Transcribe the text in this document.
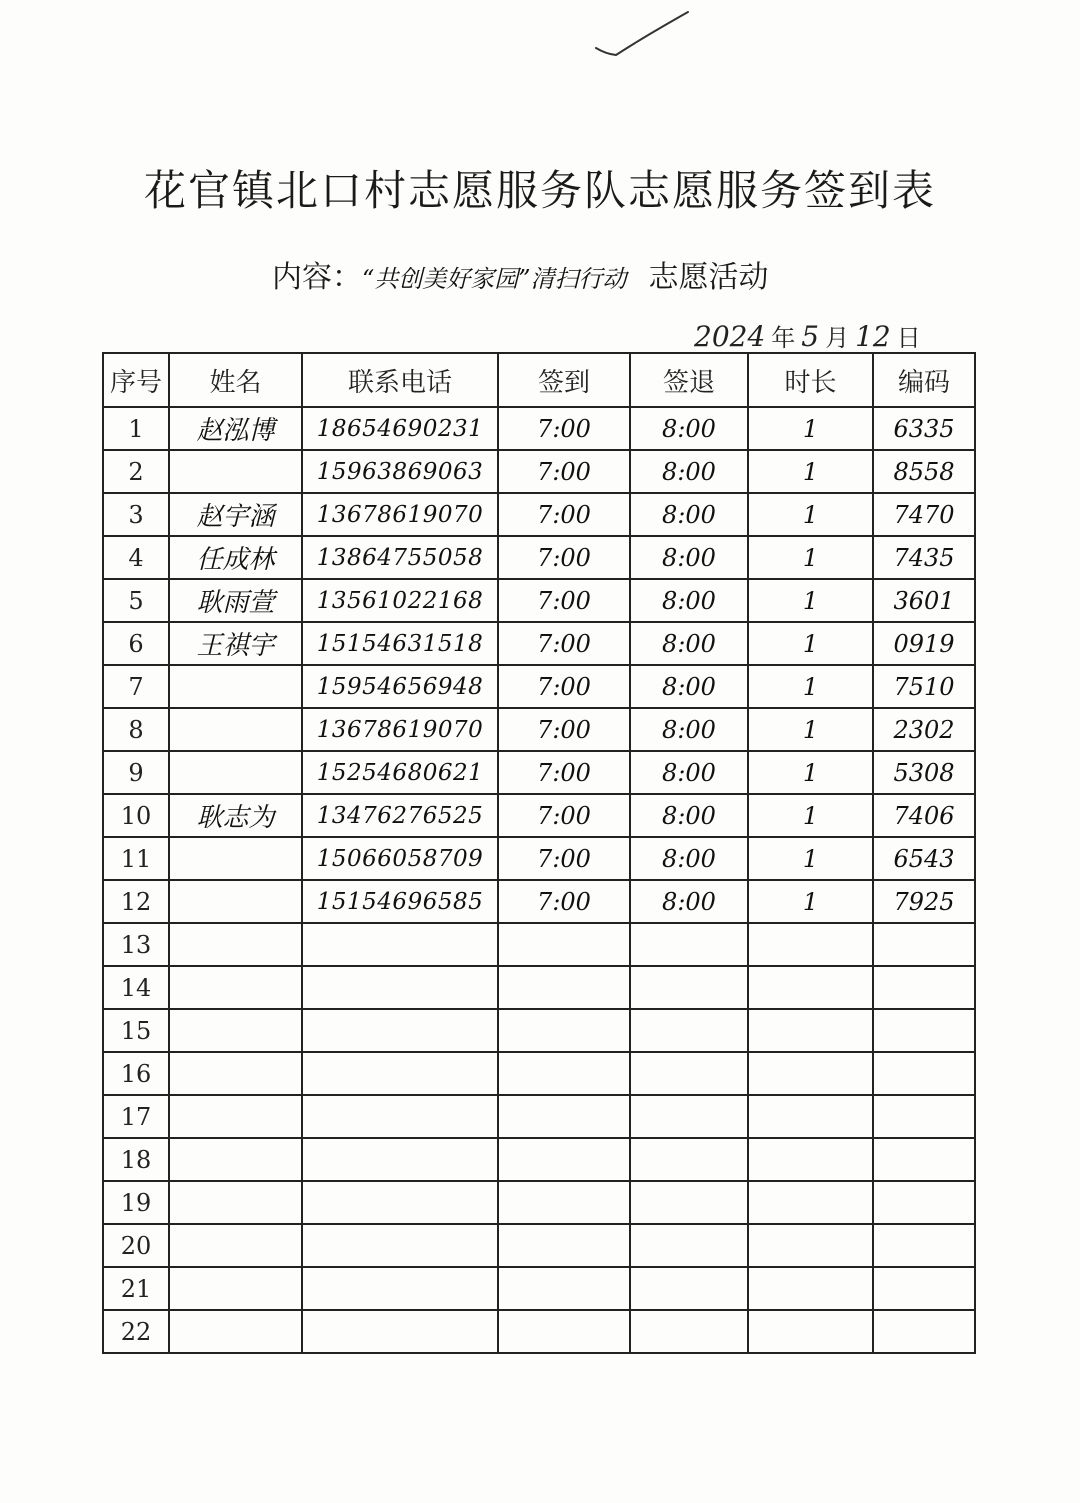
花官镇北口村志愿服务队志愿服务签到表
内容：“共创美好家园”清扫行动 志愿活动
2024 年 5 月 12 日
序号	姓名	联系电话	签到	签退	时长	编码
1	赵泓博	18654690231	7:00	8:00	1	6335
2		15963869063	7:00	8:00	1	8558
3	赵宇涵	13678619070	7:00	8:00	1	7470
4	任成林	13864755058	7:00	8:00	1	7435
5	耿雨萱	13561022168	7:00	8:00	1	3601
6	王祺宇	15154631518	7:00	8:00	1	0919
7		15954656948	7:00	8:00	1	7510
8		13678619070	7:00	8:00	1	2302
9		15254680621	7:00	8:00	1	5308
10	耿志为	13476276525	7:00	8:00	1	7406
11		15066058709	7:00	8:00	1	6543
12		15154696585	7:00	8:00	1	7925
13						
14						
15						
16						
17						
18						
19						
20						
21						
22						
